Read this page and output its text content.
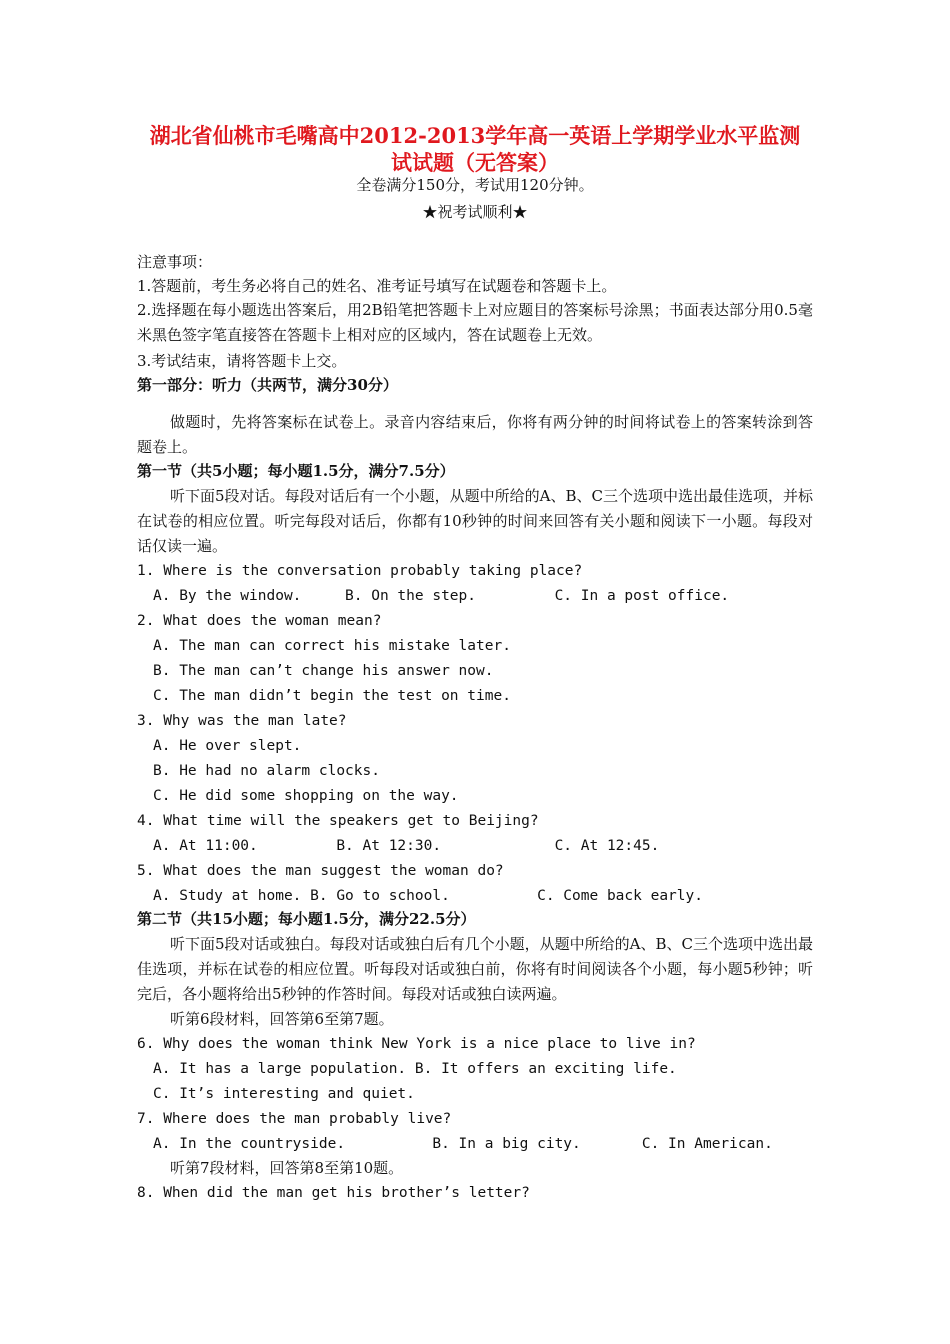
湖北省仙桃市毛嘴高中2012-2013学年高一英语上学期学业水平监测
试试题（无答案）
全卷满分150分，考试用120分钟。
★祝考试顺利★
注意事项：
1.答题前，考生务必将自己的姓名、准考证号填写在试题卷和答题卡上。
2.选择题在每小题选出答案后，用2B铅笔把答题卡上对应题目的答案标号涂黑；书面表达部分用0.5毫米黑色签字笔直接答在答题卡上相对应的区域内，答在试题卷上无效。
3.考试结束，请将答题卡上交。
第一部分：听力（共两节，满分30分）
做题时，先将答案标在试卷上。录音内容结束后，你将有两分钟的时间将试卷上的答案转涂到答题卷上。
第一节（共5小题；每小题1.5分，满分7.5分）
听下面5段对话。每段对话后有一个小题，从题中所给的A、B、C三个选项中选出最佳选项，并标在试卷的相应位置。听完每段对话后，你都有10秒钟的时间来回答有关小题和阅读下一小题。每段对话仅读一遍。
1. Where is the conversation probably taking place?
A. By the window.     B. On the step.         C. In a post office.
2. What does the woman mean?
A. The man can correct his mistake later.
B. The man can’t change his answer now.
C. The man didn’t begin the test on time.
3. Why was the man late?
A. He over slept.
B. He had no alarm clocks.
C. He did some shopping on the way.
4. What time will the speakers get to Beijing?
A. At 11:00.         B. At 12:30.             C. At 12:45.
5. What does the man suggest the woman do?
A. Study at home. B. Go to school.          C. Come back early.
第二节（共15小题；每小题1.5分，满分22.5分）
听下面5段对话或独白。每段对话或独白后有几个小题，从题中所给的A、B、C三个选项中选出最佳选项，并标在试卷的相应位置。听每段对话或独白前，你将有时间阅读各个小题，每小题5秒钟；听完后，各小题将给出5秒钟的作答时间。每段对话或独白读两遍。
听第6段材料，回答第6至第7题。
6. Why does the woman think New York is a nice place to live in?
A. It has a large population. B. It offers an exciting life.
C. It’s interesting and quiet.
7. Where does the man probably live?
A. In the countryside.          B. In a big city.       C. In American.
听第7段材料，回答第8至第10题。
8. When did the man get his brother’s letter?
